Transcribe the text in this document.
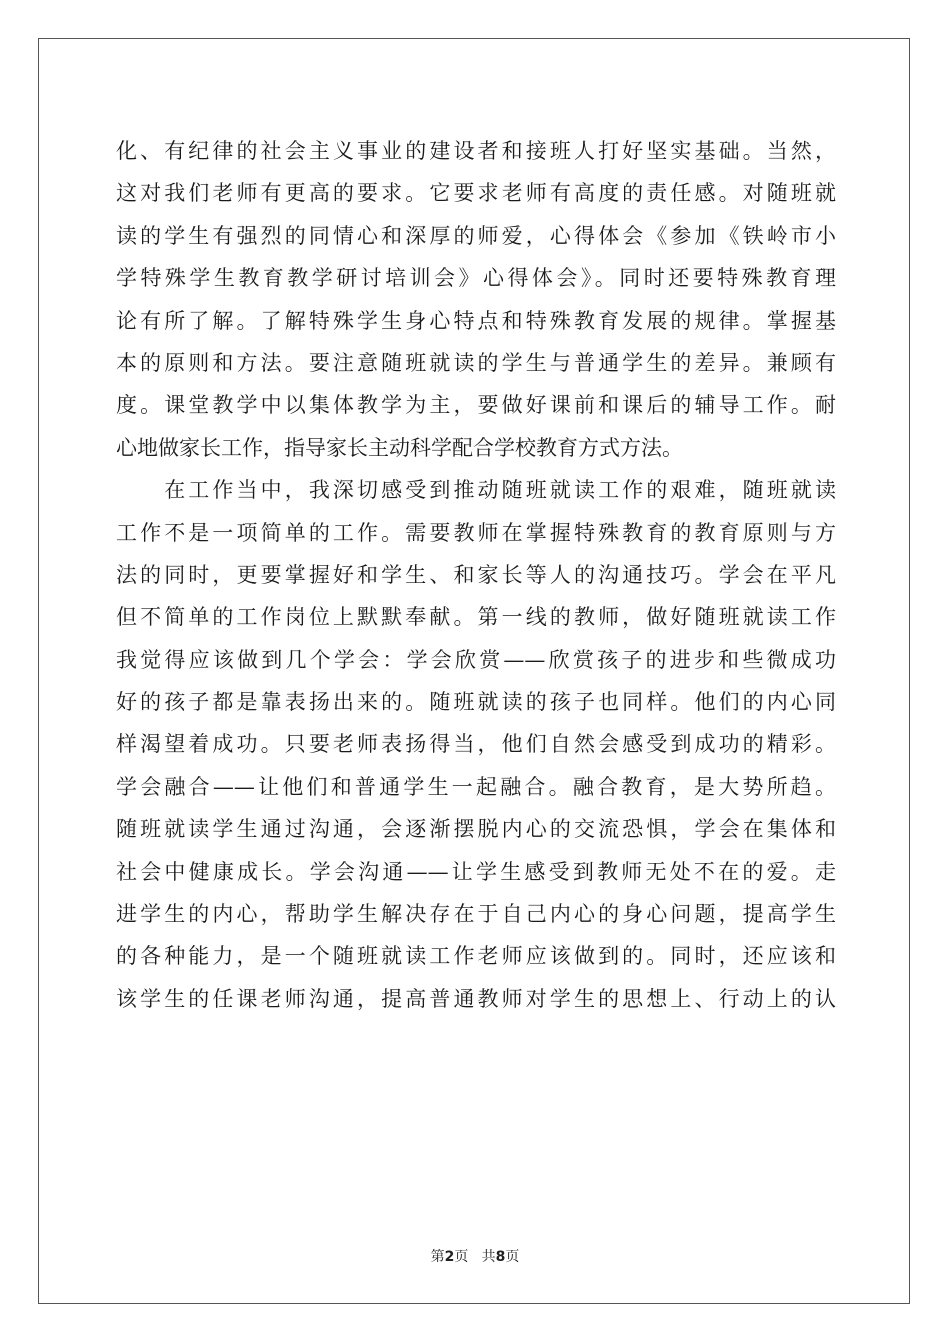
化、有纪律的社会主义事业的建设者和接班人打好坚实基础。当然，
这对我们老师有更高的要求。它要求老师有高度的责任感。对随班就
读的学生有强烈的同情心和深厚的师爱，心得体会《参加《铁岭市小
学特殊学生教育教学研讨培训会》心得体会》。同时还要特殊教育理
论有所了解。了解特殊学生身心特点和特殊教育发展的规律。掌握基
本的原则和方法。要注意随班就读的学生与普通学生的差异。兼顾有
度。课堂教学中以集体教学为主，要做好课前和课后的辅导工作。耐
心地做家长工作，指导家长主动科学配合学校教育方式方法。
　　在工作当中，我深切感受到推动随班就读工作的艰难，随班就读
工作不是一项简单的工作。需要教师在掌握特殊教育的教育原则与方
法的同时，更要掌握好和学生、和家长等人的沟通技巧。学会在平凡
但不简单的工作岗位上默默奉献。第一线的教师，做好随班就读工作
我觉得应该做到几个学会：学会欣赏——欣赏孩子的进步和些微成功
好的孩子都是靠表扬出来的。随班就读的孩子也同样。他们的内心同
样渴望着成功。只要老师表扬得当，他们自然会感受到成功的精彩。
学会融合——让他们和普通学生一起融合。融合教育，是大势所趋。
随班就读学生通过沟通，会逐渐摆脱内心的交流恐惧，学会在集体和
社会中健康成长。学会沟通——让学生感受到教师无处不在的爱。走
进学生的内心，帮助学生解决存在于自己内心的身心问题，提高学生
的各种能力，是一个随班就读工作老师应该做到的。同时，还应该和
该学生的任课老师沟通，提高普通教师对学生的思想上、行动上的认
第2页 共8页
